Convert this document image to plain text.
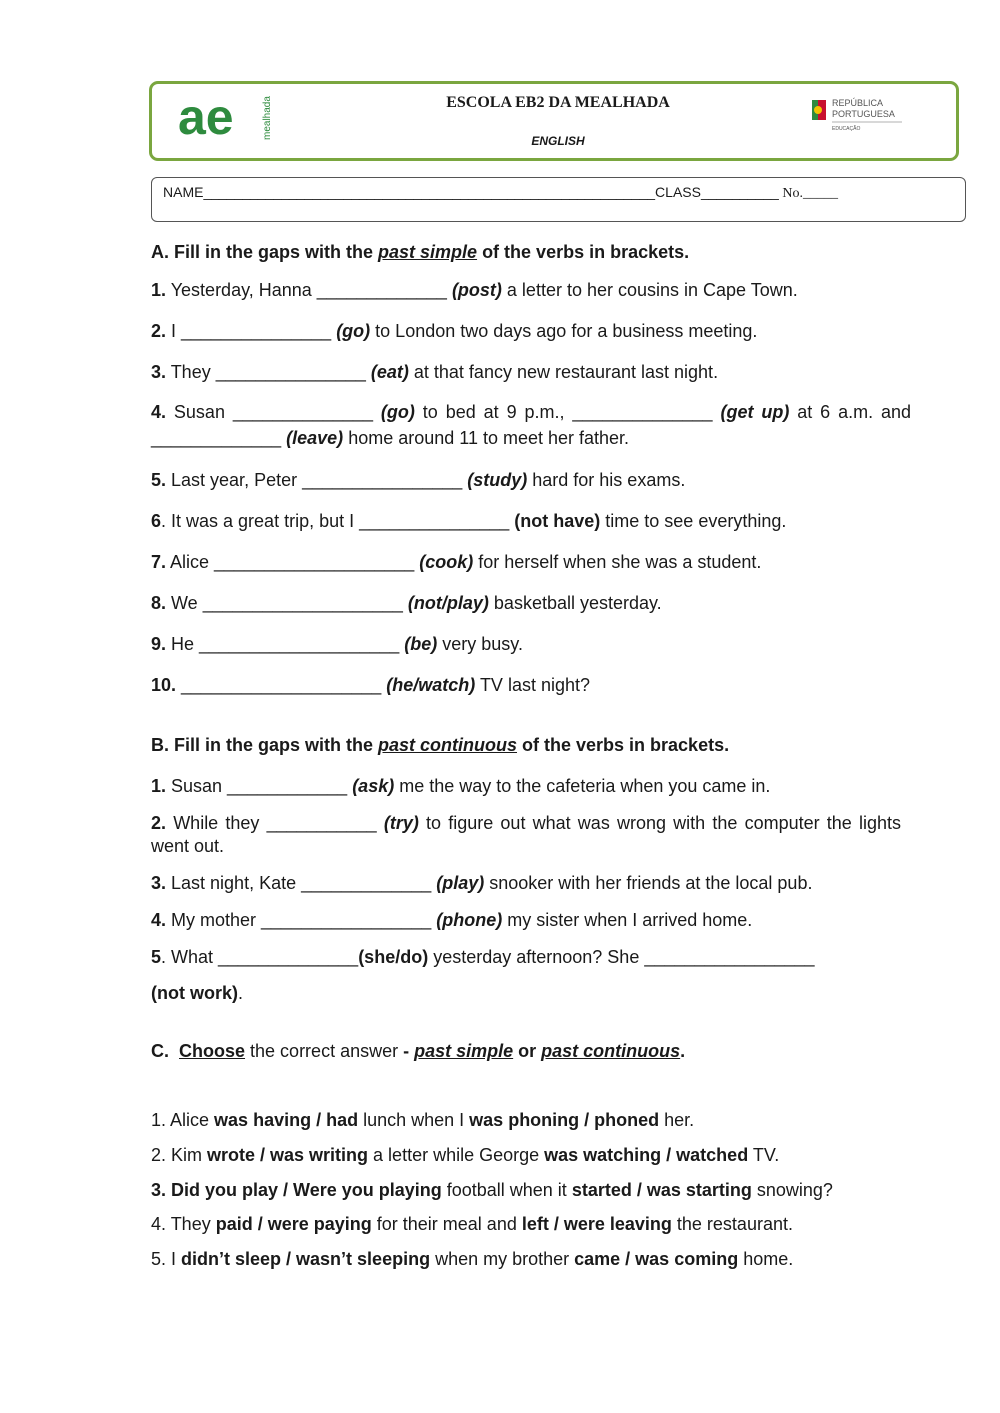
ae	mealhada	ESCOLA EB2 DA MEALHADA
ENGLISH
REPÚBLICA
PORTUGUESA
EDUCAÇÃO
NAME__________________________________________________________CLASS__________ No._____
A. Fill in the gaps with the past simple of the verbs in brackets.
1. Yesterday, Hanna _____________ (post) a letter to her cousins in Cape Town.
2. I _______________ (go) to London two days ago for a business meeting.
3. They _______________ (eat) at that fancy new restaurant last night.
4. Susan ______________ (go) to bed at 9 p.m., ______________ (get up) at 6 a.m. and _____________ (leave) home around 11 to meet her father.
5. Last year, Peter ________________ (study) hard for his exams.
6. It was a great trip, but I _______________ (not have) time to see everything.
7. Alice ____________________ (cook) for herself when she was a student.
8. We ____________________ (not/play) basketball yesterday.
9. He ____________________ (be) very busy.
10. ____________________ (he/watch) TV last night?
B. Fill in the gaps with the past continuous of the verbs in brackets.
1. Susan ____________ (ask) me the way to the cafeteria when you came in.
2. While they ___________ (try) to figure out what was wrong with the computer the lights went out.
3. Last night, Kate _____________ (play) snooker with her friends at the local pub.
4. My mother _________________ (phone) my sister when I arrived home.
5. What ______________(she/do) yesterday afternoon? She _________________
(not work).
C. Choose the correct answer - past simple or past continuous.
1. Alice was having / had lunch when I was phoning / phoned her.
2. Kim wrote / was writing a letter while George was watching / watched TV.
3. Did you play / Were you playing football when it started / was starting snowing?
4. They paid / were paying for their meal and left / were leaving the restaurant.
5. I didn’t sleep / wasn’t sleeping when my brother came / was coming home.
